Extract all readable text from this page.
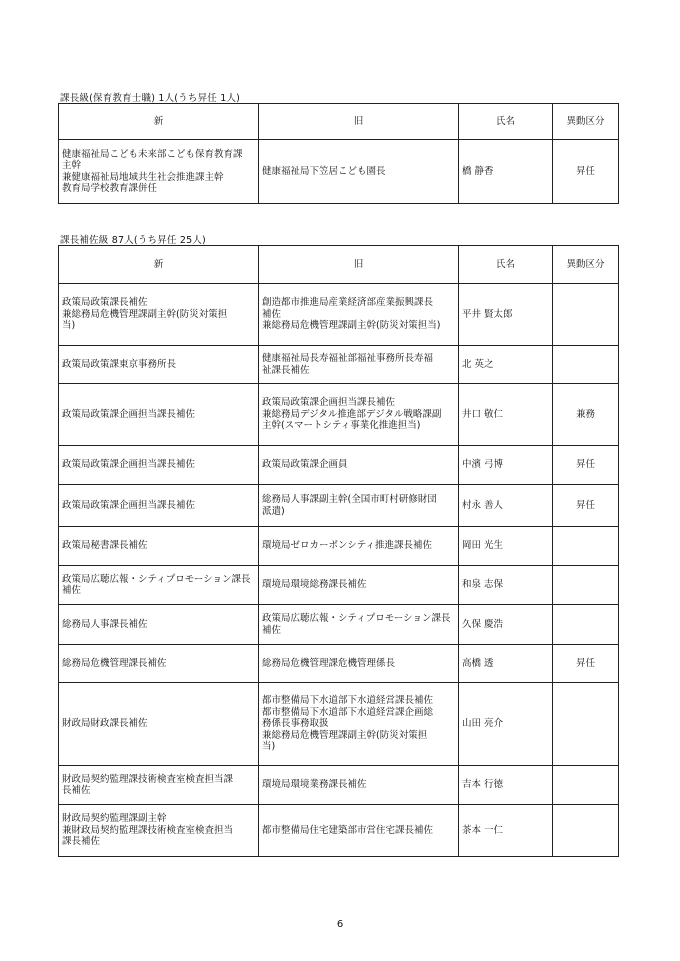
課長級(保育教育士職) 1人(うち昇任 1人)
新	旧	氏名	異動区分
健康福祉局こども未来部こども保育教育課
主幹
兼健康福祉局地域共生社会推進課主幹
教育局学校教育課併任	健康福祉局下笠居こども園長	橋 静香	昇任
課長補佐級 87人(うち昇任 25人)
新	旧	氏名	異動区分
政策局政策課長補佐
兼総務局危機管理課副主幹(防災対策担
当)	創造都市推進局産業経済部産業振興課長
補佐
兼総務局危機管理課副主幹(防災対策担当)	平井 賢太郎	
政策局政策課東京事務所長	健康福祉局長寿福祉部福祉事務所長寿福
祉課長補佐	北 英之	
政策局政策課企画担当課長補佐	政策局政策課企画担当課長補佐
兼総務局デジタル推進部デジタル戦略課副
主幹(スマートシティ事業化推進担当)	井口 敬仁	兼務
政策局政策課企画担当課長補佐	政策局政策課企画員	中濱 弓博	昇任
政策局政策課企画担当課長補佐	総務局人事課副主幹(全国市町村研修財団
派遣)	村永 善人	昇任
政策局秘書課長補佐	環境局ゼロカーボンシティ推進課長補佐	岡田 光生	
政策局広聴広報・シティプロモーション課長
補佐	環境局環境総務課長補佐	和泉 志保	
総務局人事課長補佐	政策局広聴広報・シティプロモーション課長
補佐	久保 慶浩	
総務局危機管理課長補佐	総務局危機管理課危機管理係長	高橋 透	昇任
財政局財政課長補佐	都市整備局下水道部下水道経営課長補佐
都市整備局下水道部下水道経営課企画総
務係長事務取扱
兼総務局危機管理課副主幹(防災対策担
当)	山田 亮介	
財政局契約監理課技術検査室検査担当課
長補佐	環境局環境業務課長補佐	吉本 行徳	
財政局契約監理課副主幹
兼財政局契約監理課技術検査室検査担当
課長補佐	都市整備局住宅建築部市営住宅課長補佐	茶本 一仁	
6
